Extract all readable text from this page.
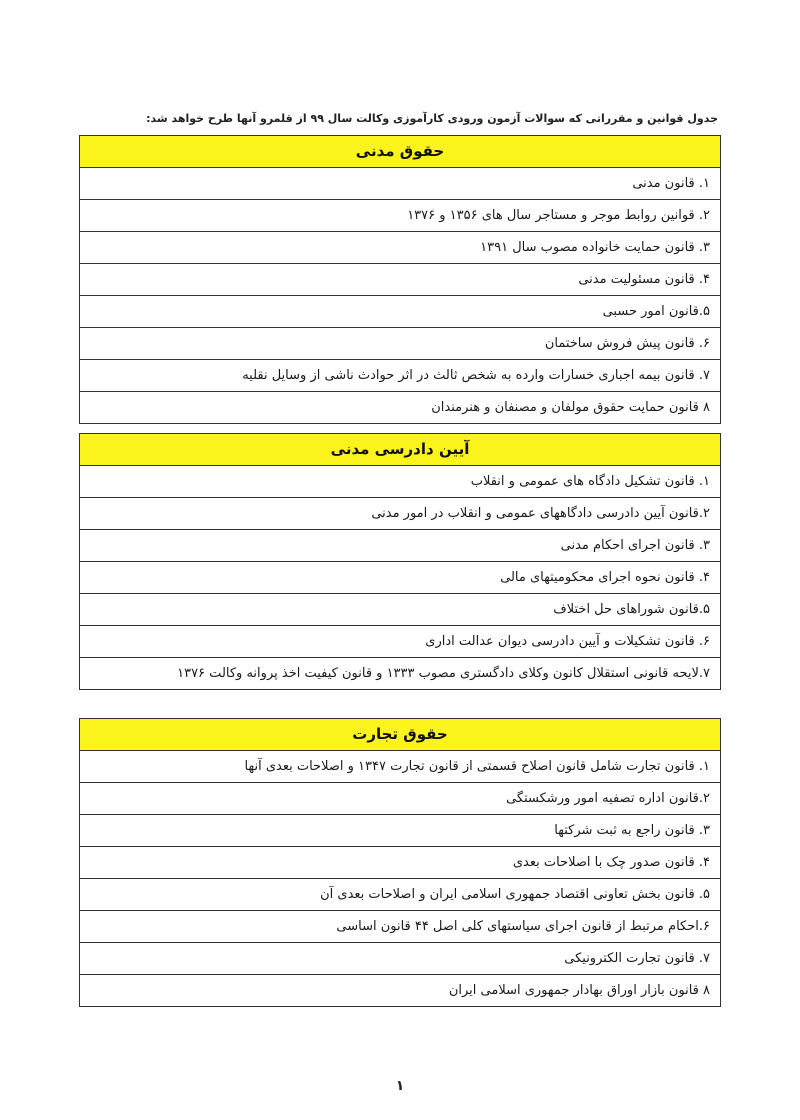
جدول قوانین و مقرراتی که سوالات آزمون ورودی کارآموزی وکالت سال ۹۹ از قلمرو آنها طرح خواهد شد:
حقوق مدنی
۱. قانون مدنی
۲. قوانین روابط موجر و مستاجر سال های ۱۳۵۶ و ۱۳۷۶
۳. قانون حمایت خانواده مصوب سال ۱۳۹۱
۴. قانون مسئولیت مدنی
۵.قانون امور حسبی
۶. قانون پیش فروش ساختمان
۷. قانون بیمه اجباری خسارات وارده به شخص ثالث در اثر حوادث ناشی از وسایل نقلیه
۸ قانون حمایت حقوق مولفان و مصنفان و هنرمندان
آیین دادرسی مدنی
۱. قانون تشکیل دادگاه های عمومی و انقلاب
۲.قانون آیین دادرسی دادگاههای عمومی و انقلاب در امور مدنی
۳. قانون اجرای احکام مدنی
۴. قانون نحوه اجرای محکومیتهای مالی
۵.قانون شوراهای حل اختلاف
۶. قانون تشکیلات و آیین دادرسی دیوان عدالت اداری
۷.لایحه قانونی استقلال کانون وکلای دادگستری مصوب ۱۳۳۳ و قانون کیفیت اخذ پروانه وکالت ۱۳۷۶
حقوق تجارت
۱. قانون تجارت شامل قانون اصلاح قسمتی از قانون تجارت ۱۳۴۷ و اصلاحات بعدی آنها
۲.قانون اداره تصفیه امور ورشکستگی
۳. قانون راجع به ثبت شرکتها
۴. قانون صدور چک با اصلاحات بعدی
۵. قانون بخش تعاونی اقتصاد جمهوری اسلامی ایران و اصلاحات بعدی آن
۶.احکام مرتبط از قانون اجرای سیاستهای کلی اصل ۴۴ قانون اساسی
۷. قانون تجارت الکترونیکی
۸ قانون بازار اوراق بهادار جمهوری اسلامی ایران
۱
